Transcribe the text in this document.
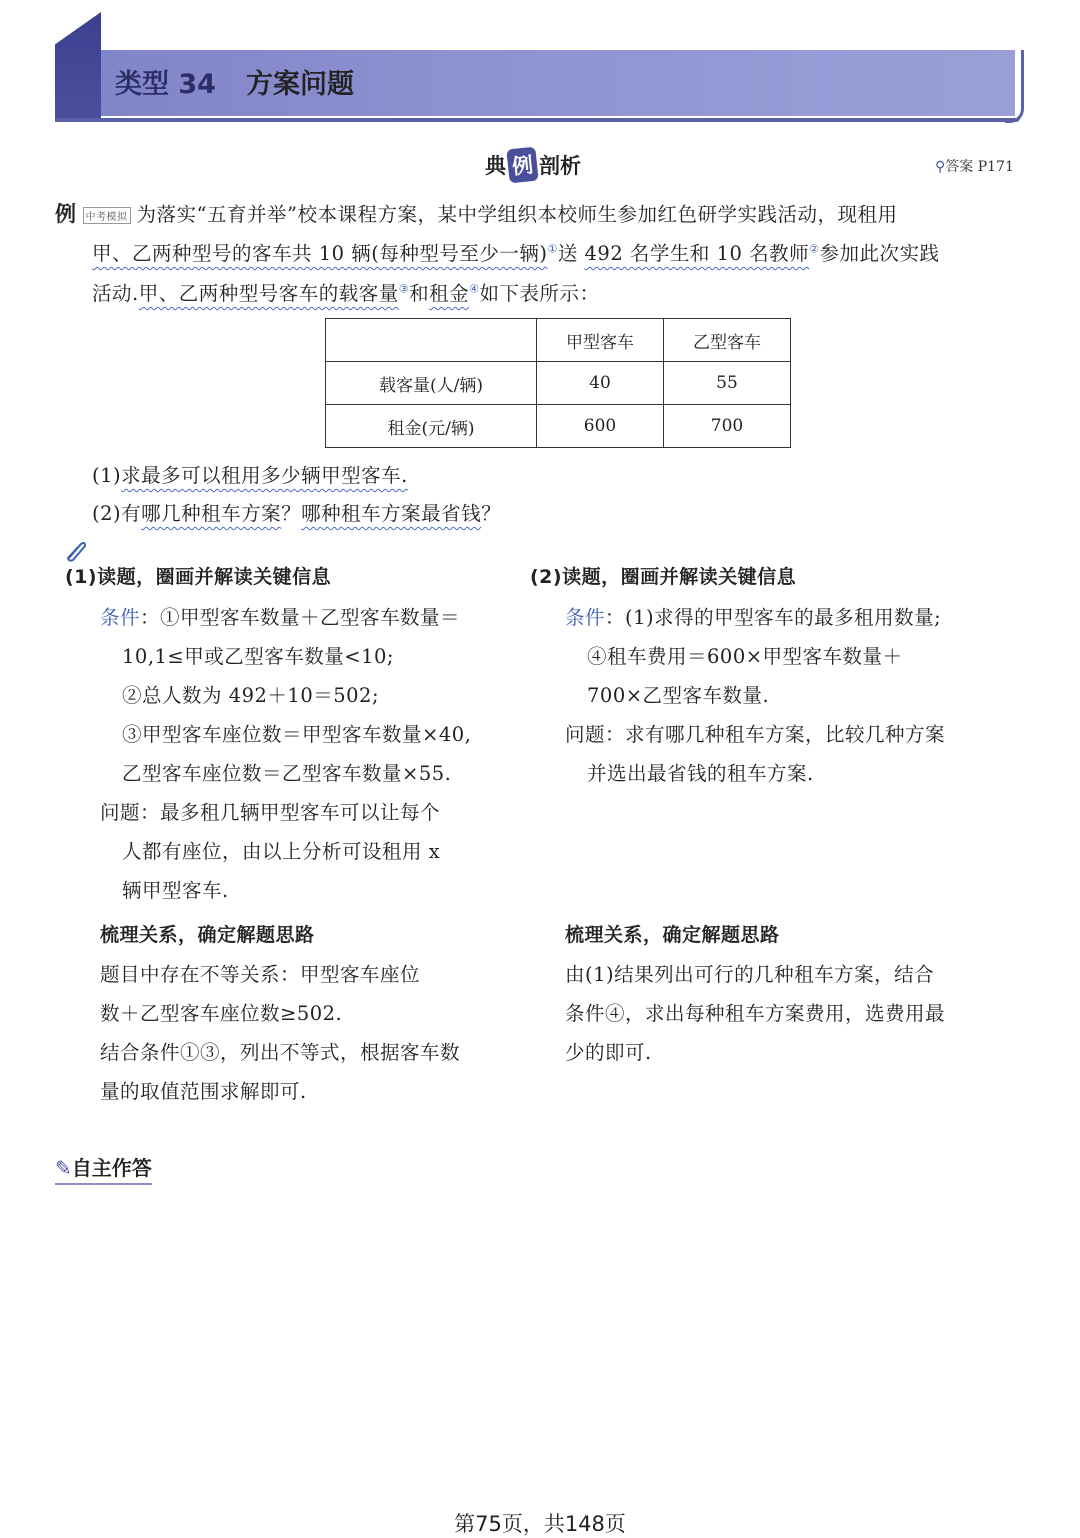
类型 34 方案问题
典 例 剖析	⚲答案 P171
例 中考模拟 为落实“五育并举”校本课程方案，某中学组织本校师生参加红色研学实践活动，现租用
甲、乙两种型号的客车共 10 辆(每种型号至少一辆)①送 492 名学生和 10 名教师②参加此次实践
活动.甲、乙两种型号客车的载客量③和租金④如下表所示：
	甲型客车	乙型客车
载客量(人/辆)	40	55
租金(元/辆)	600	700
(1)求最多可以租用多少辆甲型客车.
(2)有哪几种租车方案？哪种租车方案最省钱？
(1)读题，圈画并解读关键信息
条件：①甲型客车数量＋乙型客车数量＝
10,1≤甲或乙型客车数量<10;
②总人数为 492＋10＝502;
③甲型客车座位数＝甲型客车数量×40,
乙型客车座位数＝乙型客车数量×55.
问题：最多租几辆甲型客车可以让每个
人都有座位，由以上分析可设租用 x
辆甲型客车.
梳理关系，确定解题思路
题目中存在不等关系：甲型客车座位
数＋乙型客车座位数≥502.
结合条件①③，列出不等式，根据客车数
量的取值范围求解即可.
(2)读题，圈画并解读关键信息
条件：(1)求得的甲型客车的最多租用数量;
④租车费用＝600×甲型客车数量＋
700×乙型客车数量.
问题：求有哪几种租车方案，比较几种方案
并选出最省钱的租车方案.
梳理关系，确定解题思路
由(1)结果列出可行的几种租车方案，结合
条件④，求出每种租车方案费用，选费用最
少的即可.
✎自主作答
第75页，共148页
